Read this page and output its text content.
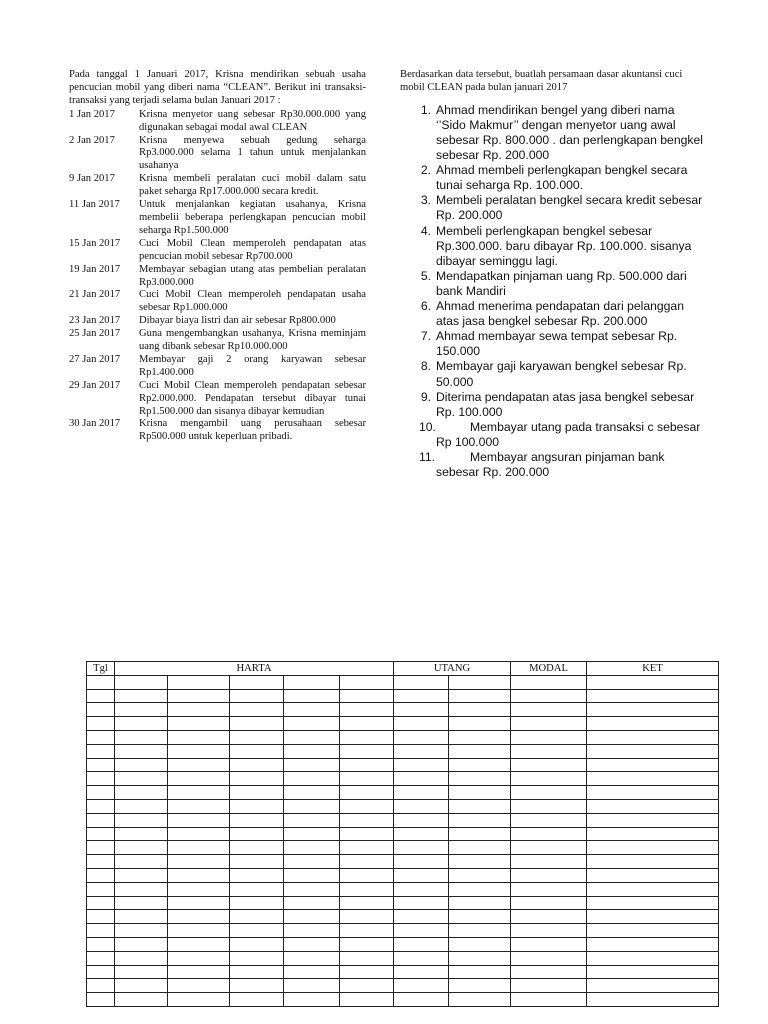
Pada tanggal 1 Januari 2017, Krisna mendirikan sebuah usaha pencucian mobil yang diberi nama “CLEAN”. Berikut ini transaksi-transaksi yang terjadi selama bulan Januari 2017 :

1 Jan 2017	Krisna menyetor uang sebesar Rp30.000.000 yang digunakan sebagai modal awal CLEAN
2 Jan 2017	Krisna menyewa sebuah gedung seharga Rp3.000.000 selama 1 tahun untuk menjalankan usahanya
9 Jan 2017	Krisna membeli peralatan cuci mobil dalam satu paket seharga Rp17.000.000 secara kredit.
11 Jan 2017	Untuk menjalankan kegiatan usahanya, Krisna membelii beberapa perlengkapan pencucian mobil seharga Rp1.500.000
15 Jan 2017	Cuci Mobil Clean memperoleh pendapatan atas pencucian mobil sebesar Rp700.000
19 Jan 2017	Membayar sebagian utang atas pembelian peralatan Rp3.000.000
21 Jan 2017	Cuci Mobil Clean memperoleh pendapatan usaha sebesar Rp1.000.000
23 Jan 2017	Dibayar biaya listri dan air sebesar Rp800.000
25 Jan 2017	Guna mengembangkan usahanya, Krisna meminjam uang dibank sebesar Rp10.000.000
27 Jan 2017	Membayar gaji 2 orang karyawan sebesar Rp1.400.000
29 Jan 2017	Cuci Mobil Clean memperoleh pendapatan sebesar Rp2.000.000. Pendapatan tersebut dibayar tunai Rp1.500.000 dan sisanya dibayar kemudian
30 Jan 2017	Krisna mengambil uang perusahaan sebesar Rp500.000 untuk keperluan pribadi.

Berdasarkan data tersebut, buatlah persamaan dasar akuntansi cuci mobil CLEAN pada bulan januari 2017

1. Ahmad mendirikan bengel yang diberi nama ‘’Sido Makmur’’ dengan menyetor uang awal sebesar Rp. 800.000 . dan perlengkapan bengkel sebesar Rp. 200.000
2. Ahmad membeli perlengkapan bengkel secara tunai seharga Rp. 100.000.
3. Membeli peralatan bengkel secara kredit sebesar Rp. 200.000
4. Membeli perlengkapan bengkel sebesar Rp.300.000. baru dibayar Rp. 100.000. sisanya dibayar seminggu lagi.
5. Mendapatkan pinjaman uang Rp. 500.000 dari bank Mandiri
6. Ahmad menerima pendapatan dari pelanggan atas jasa bengkel sebesar Rp. 200.000
7. Ahmad membayar sewa tempat sebesar Rp. 150.000
8. Membayar gaji karyawan bengkel sebesar Rp. 50.000
9. Diterima pendapatan atas jasa bengkel sebesar Rp. 100.000
10.	Membayar utang pada transaksi c sebesar Rp 100.000
11.	Membayar angsuran pinjaman bank sebesar Rp. 200.000
Tgl	HARTA					UTANG		MODAL	KET
